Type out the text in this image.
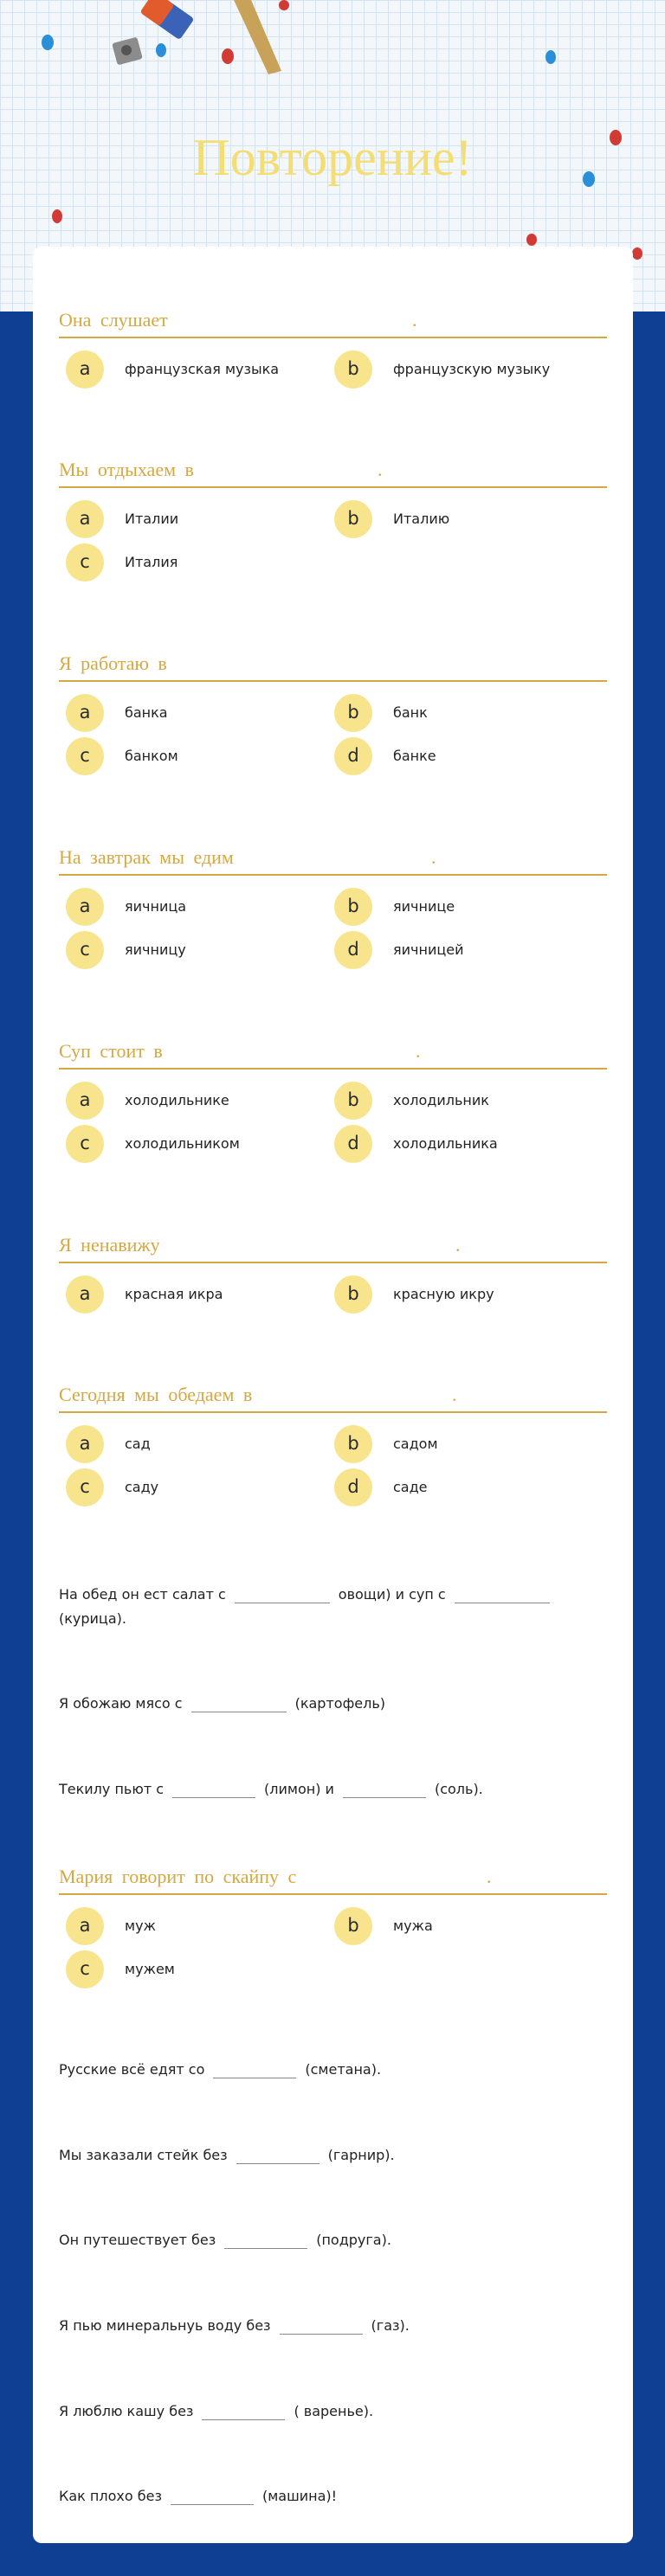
Повторение!
Она слушает	.
a	французская музыка	b	французскую музыку
Мы отдыхаем в	.
a	Италии	b	Италию
c	Италия
Я работаю в
a	банка	b	банк
c	банком	d	банке
На завтрак мы едим	.
a	яичница	b	яичнице
c	яичницу	d	яичницей
Суп стоит в	.
a	холодильнике	b	холодильник
c	холодильником	d	холодильника
Я ненавижу	.
a	красная икра	b	красную икру
Сегодня мы обедаем в	.
a	сад	b	садом
c	саду	d	саде
На обед он ест салат с	овощи) и суп с(курица).
Я обожаю мясо с	(картофель)
Текилу пьют с	(лимон) и	(соль).
Мария говорит по скайпу с	.
a	муж	b	мужа
c	мужем
Русские всё едят со	(сметана).
Мы заказали стейк без	(гарнир).
Он путешествует без	(подруга).
Я пью минеральнуь воду без	(газ).
Я люблю кашу без	( варенье).
Как плохо без	(машина)!
